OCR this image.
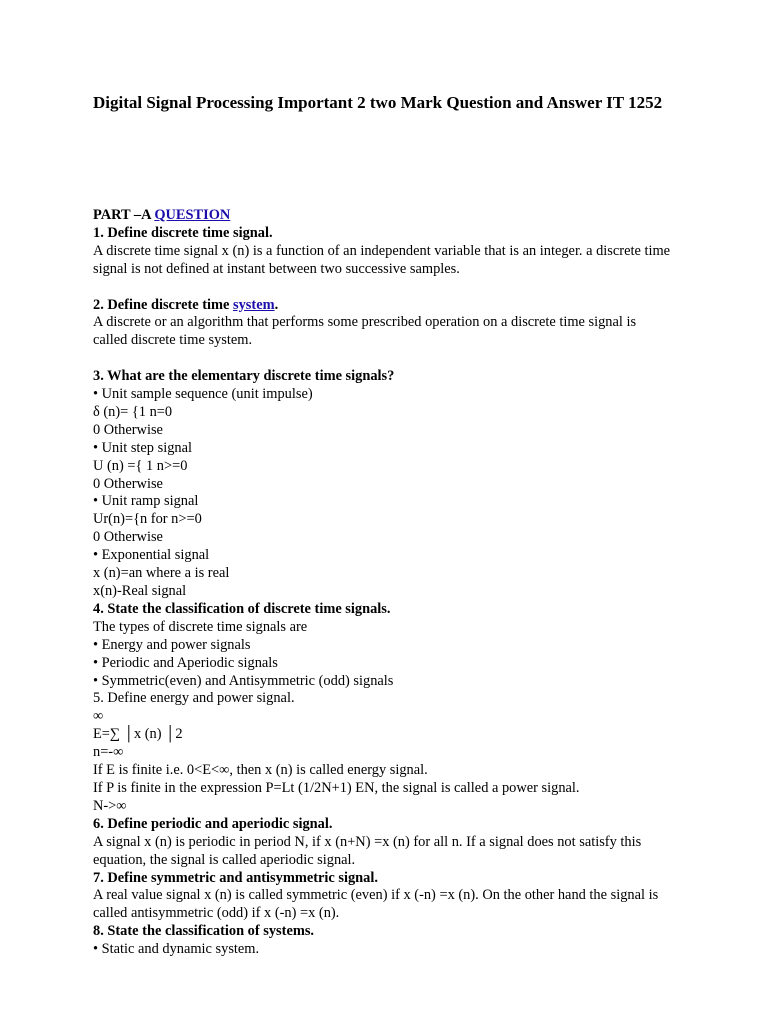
Digital Signal Processing Important 2 two Mark Question and Answer IT 1252
PART –A QUESTION
1. Define discrete time signal.
A discrete time signal x (n) is a function of an independent variable that is an integer. a discrete time signal is not defined at instant between two successive samples.
2. Define discrete time system.
A discrete or an algorithm that performs some prescribed operation on a discrete time signal is called discrete time system.
3. What are the elementary discrete time signals?
• Unit sample sequence (unit impulse)
δ (n)= {1 n=0
0 Otherwise
• Unit step signal
U (n) ={ 1 n>=0
0 Otherwise
• Unit ramp signal
Ur(n)={n for n>=0
0 Otherwise
• Exponential signal
x (n)=an where a is real
x(n)-Real signal
4. State the classification of discrete time signals.
The types of discrete time signals are
• Energy and power signals
• Periodic and Aperiodic signals
• Symmetric(even) and Antisymmetric (odd) signals
5. Define energy and power signal.
∞
E=∑ │x (n) │2
n=-∞
If E is finite i.e. 0<E<∞, then x (n) is called energy signal.
If P is finite in the expression P=Lt (1/2N+1) EN, the signal is called a power signal.
N->∞
6. Define periodic and aperiodic signal.
A signal x (n) is periodic in period N, if x (n+N) =x (n) for all n. If a signal does not satisfy this equation, the signal is called aperiodic signal.
7. Define symmetric and antisymmetric signal.
A real value signal x (n) is called symmetric (even) if x (-n) =x (n). On the other hand the signal is called antisymmetric (odd) if x (-n) =x (n).
8. State the classification of systems.
• Static and dynamic system.
